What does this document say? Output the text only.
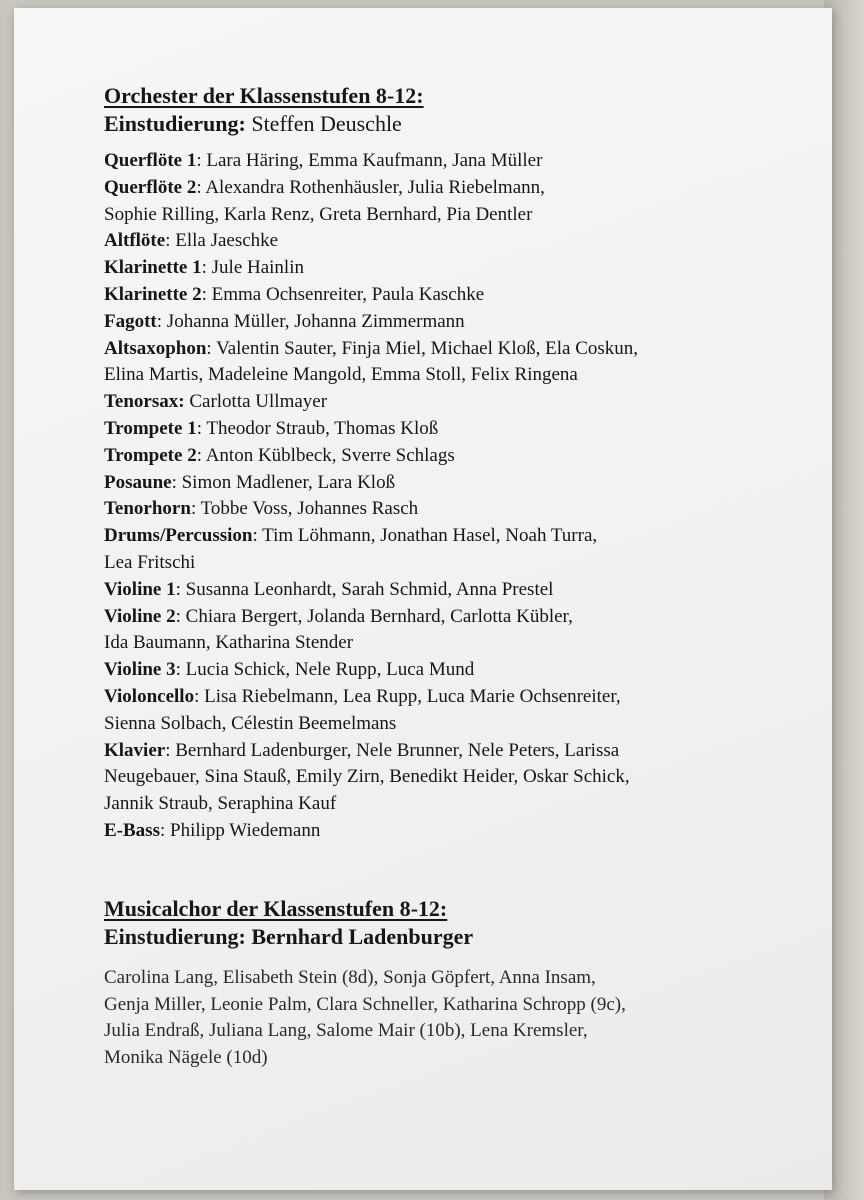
Orchester der Klassenstufen 8-12:

Einstudierung: Steffen Deuschle

Querflöte 1: Lara Häring, Emma Kaufmann, Jana Müller

Querflöte 2: Alexandra Rothenhäusler, Julia Riebelmann,

Sophie Rilling, Karla Renz, Greta Bernhard, Pia Dentler

Altflöte: Ella Jaeschke

Klarinette 1: Jule Hainlin

Klarinette 2: Emma Ochsenreiter, Paula Kaschke

Fagott: Johanna Müller, Johanna Zimmermann

Altsaxophon: Valentin Sauter, Finja Miel, Michael Kloß, Ela Coskun,

Elina Martis, Madeleine Mangold, Emma Stoll, Felix Ringena

Tenorsax: Carlotta Ullmayer

Trompete 1: Theodor Straub, Thomas Kloß

Trompete 2: Anton Küblbeck, Sverre Schlags

Posaune: Simon Madlener, Lara Kloß

Tenorhorn: Tobbe Voss, Johannes Rasch

Drums/Percussion: Tim Löhmann, Jonathan Hasel, Noah Turra,

Lea Fritschi

Violine 1: Susanna Leonhardt, Sarah Schmid, Anna Prestel

Violine 2: Chiara Bergert, Jolanda Bernhard, Carlotta Kübler,

Ida Baumann, Katharina Stender

Violine 3: Lucia Schick, Nele Rupp, Luca Mund

Violoncello: Lisa Riebelmann, Lea Rupp, Luca Marie Ochsenreiter,

Sienna Solbach, Célestin Beemelmans

Klavier: Bernhard Ladenburger, Nele Brunner, Nele Peters, Larissa

Neugebauer, Sina Stauß, Emily Zirn, Benedikt Heider, Oskar Schick,

Jannik Straub, Seraphina Kauf

E-Bass: Philipp Wiedemann

Musicalchor der Klassenstufen 8-12:

Einstudierung: Bernhard Ladenburger

Carolina Lang, Elisabeth Stein (8d), Sonja Göpfert, Anna Insam,
Genja Miller, Leonie Palm, Clara Schneller, Katharina Schropp (9c),
Julia Endraß, Juliana Lang, Salome Mair (10b), Lena Kremsler,
Monika Nägele (10d)
